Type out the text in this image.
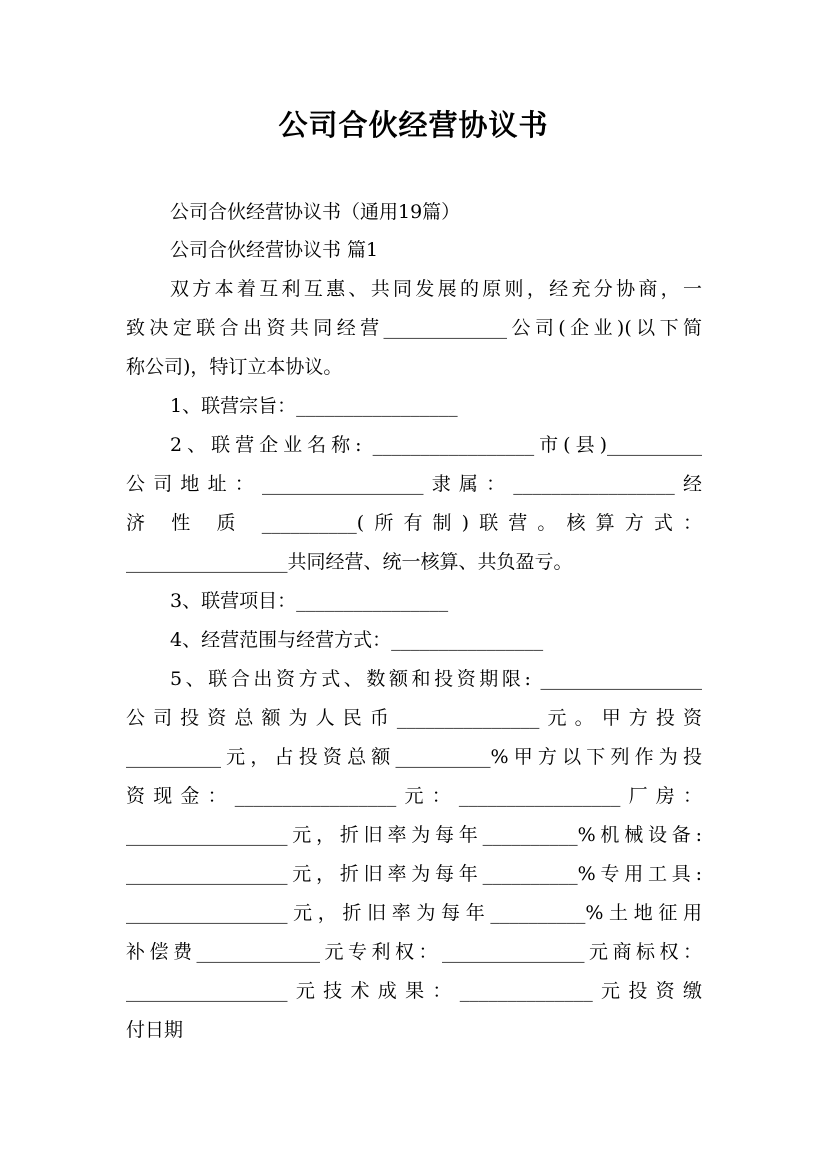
公司合伙经营协议书
公司合伙经营协议书（通用19篇）
公司合伙经营协议书 篇1
双方本着互利互惠、共同发展的原则，经充分协商，一
致决定联合出资共同经营_____________公司(企业)(以下简
称公司)，特订立本协议。
1、联营宗旨：_________________
2、联营企业名称: _________________市(县)__________
公司地址：_________________隶属：_________________经
济 性 质 __________(所有制)联营。核算方式：
_________________共同经营、统一核算、共负盈亏。
3、联营项目：________________
4、经营范围与经营方式：________________
5、联合出资方式、数额和投资期限: _________________
公司投资总额为人民币_______________元。甲方投资
__________元，占投资总额__________%甲方以下列作为投
资现金：_________________元：_________________厂房：
_________________元，折旧率为每年__________%机械设备:
_________________元，折旧率为每年__________%专用工具:
_________________元，折旧率为每年__________%土地征用
补偿费_____________元专利权：_______________元商标权：
_________________元技术成果：______________元投资缴
付日期
